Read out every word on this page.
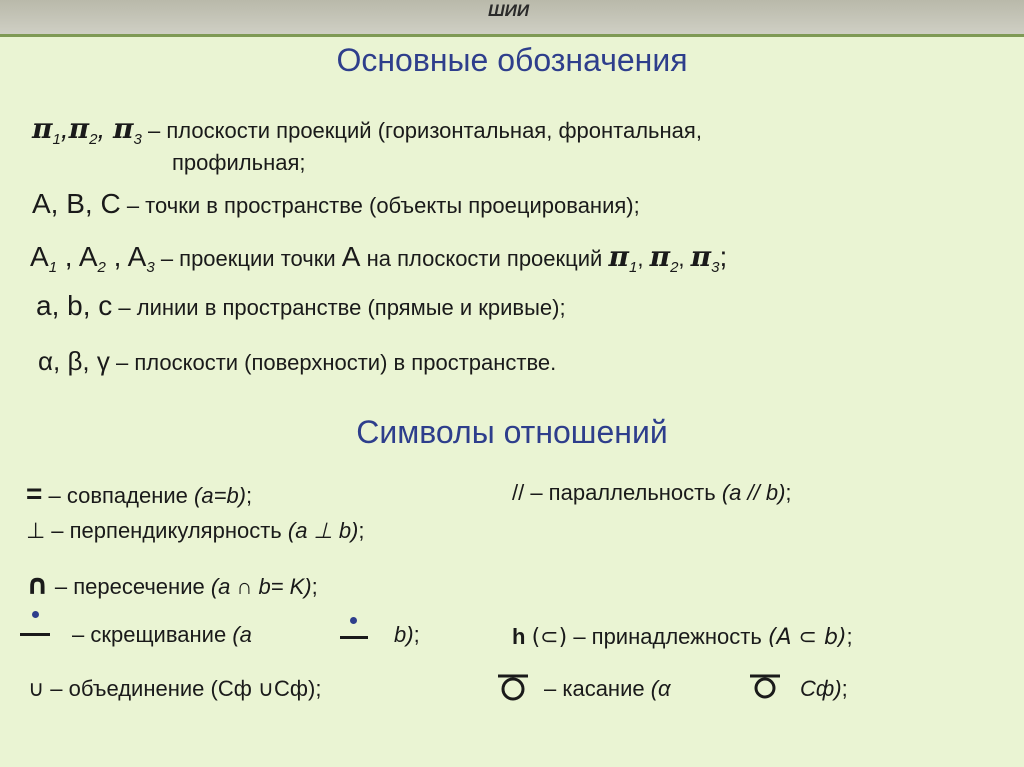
ШИИ
Основные обозначения
$\pi_1,\pi_2$, $\pi_3$ – плоскости проекций (горизонтальная, фронтальная,
профильная;
A, B, C – точки в пространстве (объекты проецирования);
$A_1$ , $A_2$ , $A_3$ – проекции точки A на плоскости проекций $\pi_1$, $\pi_2$, $\pi_3$;
a, b, c – линии в пространстве (прямые и кривые);
α, β, γ – плоскости (поверхности) в пространстве.
Символы отношений
= – совпадение (a=b);	// – параллельность (a // b);
⊥ – перпендикулярность (a ⊥ b);
∩ – пересечение (a ∩ b= K);
– скрещивание (a	b);	h (⊂) – принадлежность (A ⊂ b);
∪ – объединение (Сф ∪Сф);	– касание (α	Сф);
